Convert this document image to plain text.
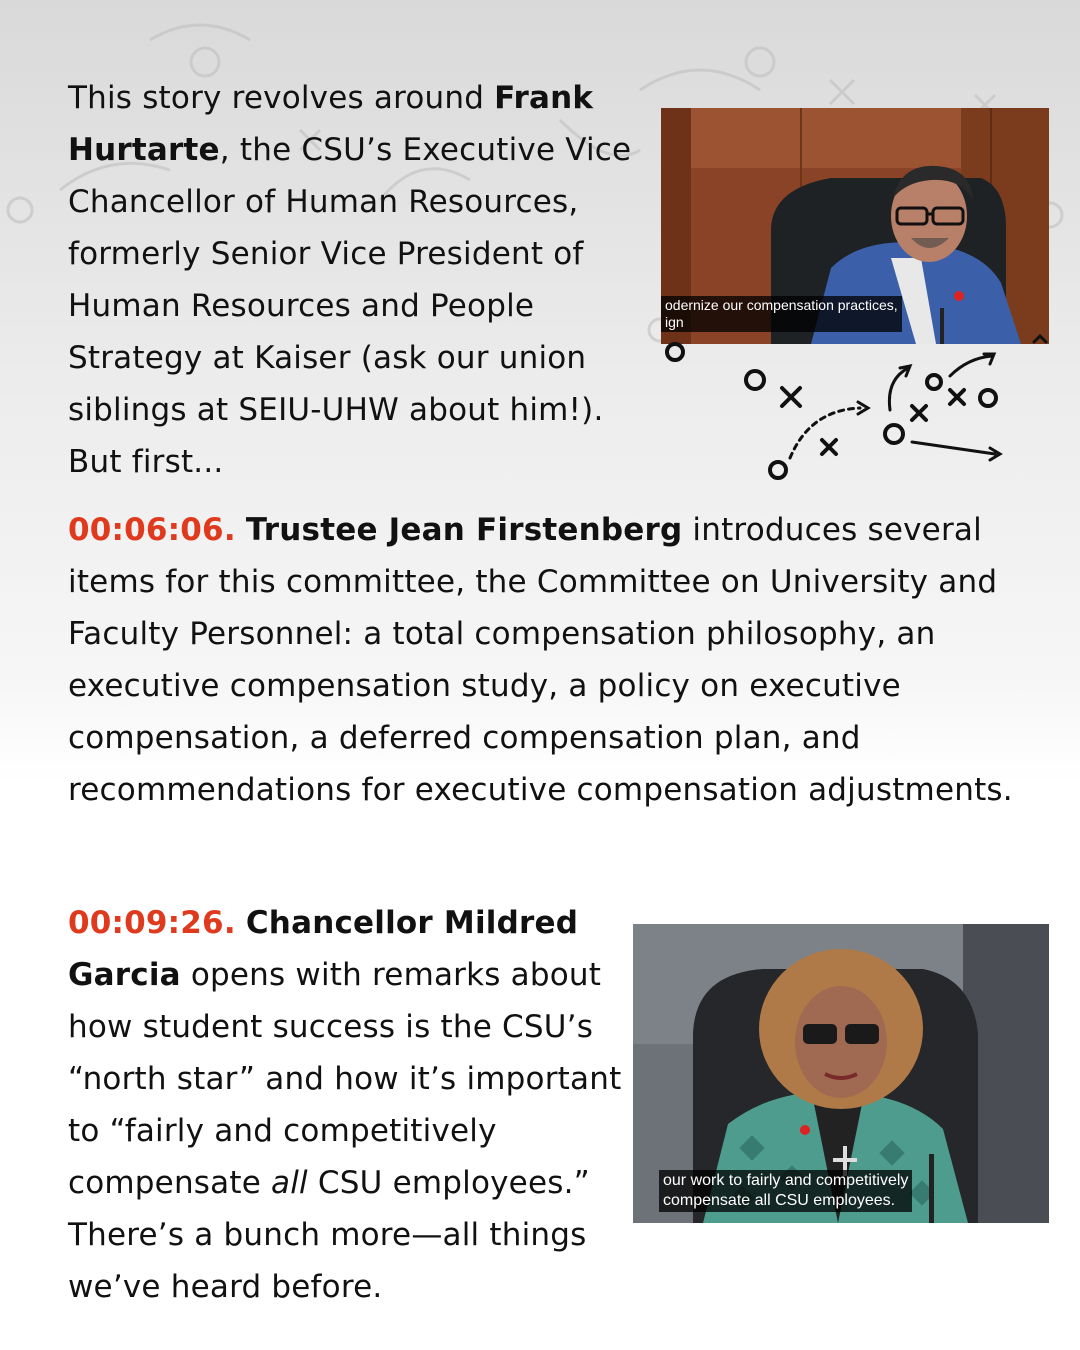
This story revolves around Frank Hurtarte, the CSU’s Executive Vice Chancellor of Human Resources, formerly Senior Vice President of Human Resources and People Strategy at Kaiser (ask our union siblings at SEIU-UHW about him!). But first...
odernize our compensation practices,
ign
00:06:06. Trustee Jean Firstenberg introduces several items for this committee, the Committee on University and Faculty Personnel: a total compensation philosophy, an executive compensation study, a policy on executive compensation, a deferred compensation plan, and recommendations for executive compensation adjustments.
00:09:26. Chancellor Mildred Garcia opens with remarks about how student success is the CSU’s “north star” and how it’s important to “fairly and competitively compensate all CSU employees.” There’s a bunch more—all things we’ve heard before.
our work to fairly and competitively
compensate all CSU employees.
